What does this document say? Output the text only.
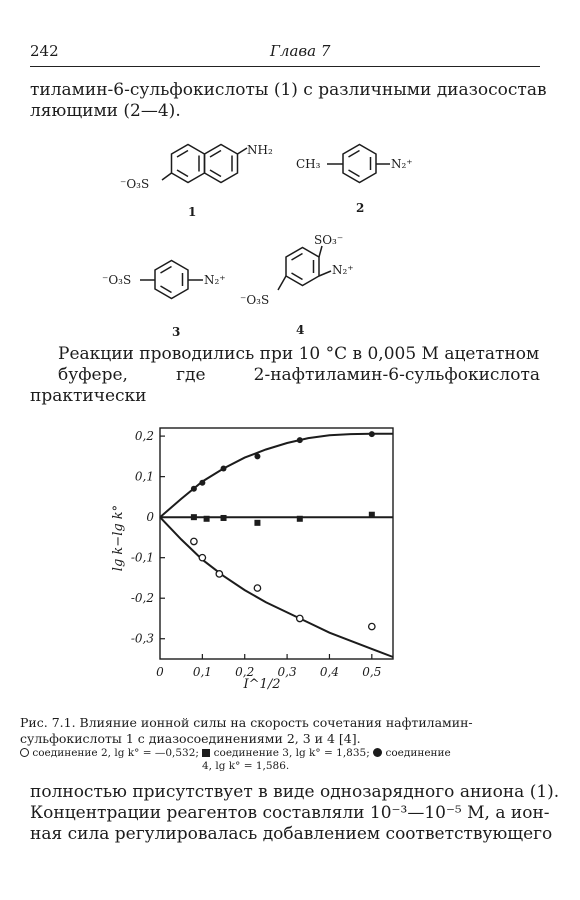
242	Глава 7
тиламин-6-сульфокислоты (1) с различными диазосостав
ляющими (2—4).
NH₂
⁻O₃S
1
CH₃	N₂⁺
2
⁻O₃S	N₂⁺
3
SO₃⁻
N₂⁺
⁻O₃S
4
Реакции проводились при 10 °C в 0,005 М ацетатном
буфере, где 2-нафтиламин-6-сульфокислота практически
0 0,1 0,2 0,3 0,4 0,5
0,2
0,1
0
-0,1
-0,2
-0,3
lg k−lg k°
I^1/2
Рис. 7.1. Влияние ионной силы на скорость сочетания нафтиламин-
сульфокислоты 1 с диазосоединениями 2, 3 и 4 [4].
соединение 2, lg k° = —0,532; соединение 3, lg k° = 1,835; соединение
4, lg k° = 1,586.
полностью присутствует в виде однозарядного аниона (1).
Концентрации реагентов составляли 10⁻³—10⁻⁵ М, а ион-
ная сила регулировалась добавлением соответствующего
